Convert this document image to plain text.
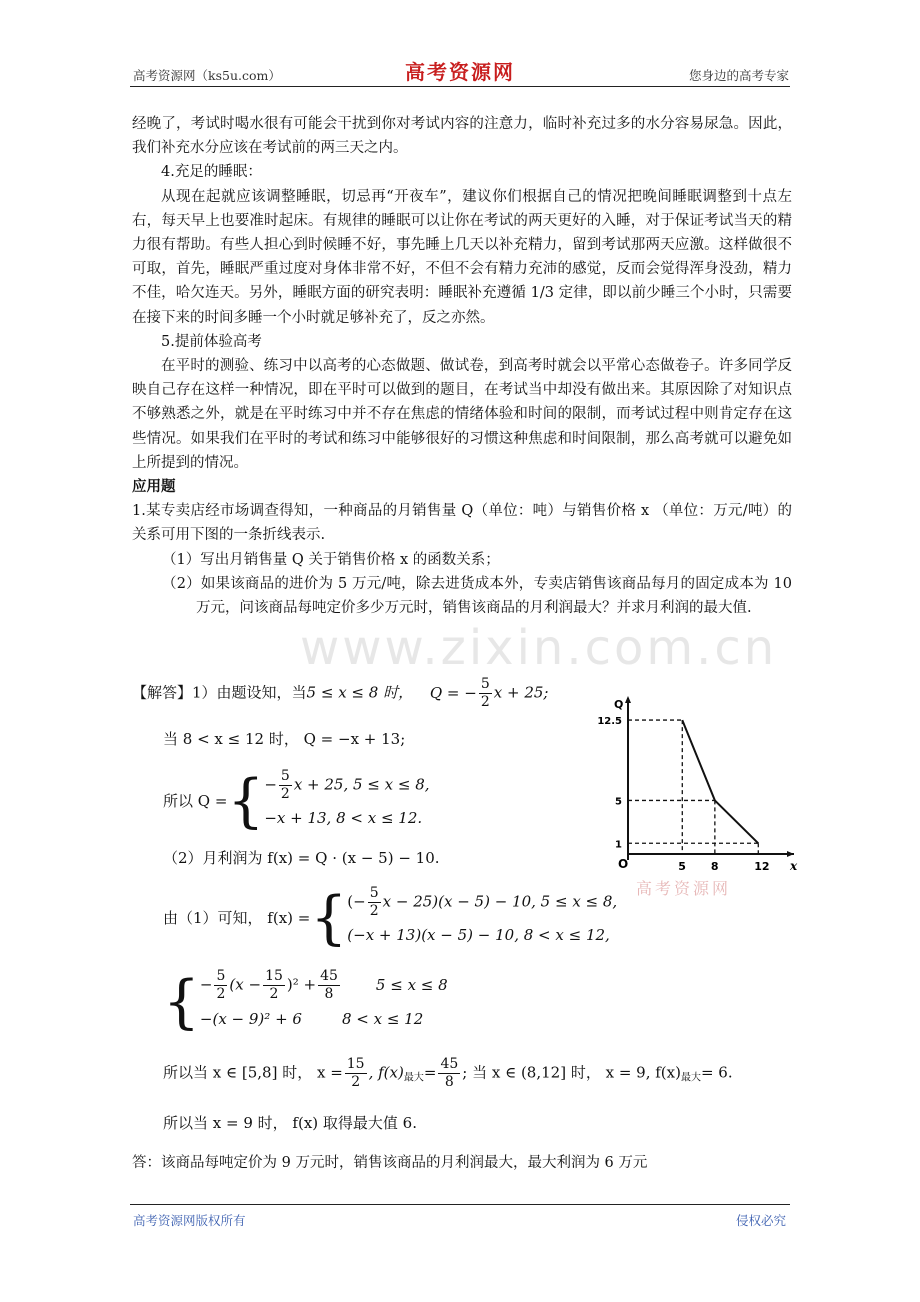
高考资源网（ks5u.com）	高考资源网	您身边的高考专家
www.zixin.com.cn

经晚了，考试时喝水很有可能会干扰到你对考试内容的注意力，临时补充过多的水分容易尿急。因此，我们补充水分应该在考试前的两三天之内。

4.充足的睡眠：

从现在起就应该调整睡眠，切忌再“开夜车”，建议你们根据自己的情况把晚间睡眠调整到十点左右，每天早上也要准时起床。有规律的睡眠可以让你在考试的两天更好的入睡，对于保证考试当天的精力很有帮助。有些人担心到时候睡不好，事先睡上几天以补充精力，留到考试那两天应激。这样做很不可取，首先，睡眠严重过度对身体非常不好，不但不会有精力充沛的感觉，反而会觉得浑身没劲，精力不佳，哈欠连天。另外，睡眠方面的研究表明：睡眠补充遵循 1/3 定律，即以前少睡三个小时，只需要在接下来的时间多睡一个小时就足够补充了，反之亦然。

5.提前体验高考

在平时的测验、练习中以高考的心态做题、做试卷，到高考时就会以平常心态做卷子。许多同学反映自己存在这样一种情况，即在平时可以做到的题目，在考试当中却没有做出来。其原因除了对知识点不够熟悉之外，就是在平时练习中并不存在焦虑的情绪体验和时间的限制，而考试过程中则肯定存在这些情况。如果我们在平时的考试和练习中能够很好的习惯这种焦虑和时间限制，那么高考就可以避免如上所提到的情况。

应用题

1.某专卖店经市场调查得知，一种商品的月销售量 Q（单位：吨）与销售价格 x （单位：万元/吨）的关系可用下图的一条折线表示.

（1）写出月销售量 Q 关于销售价格 x 的函数关系；

（2）如果该商品的进价为 5 万元/吨，除去进货成本外，专卖店销售该商品每月的固定成本为 10 万元，问该商品每吨定价多少万元时，销售该商品的月利润最大？并求月利润的最大值.

【解答】1）由题设知，当5 ≤ x ≤ 8 时， Q = − $\frac{5}{2}$ x + 25;
当 8 < x ≤ 12 时， Q = −x + 13;
所以 Q ={ − $\frac{5}{2}$ x + 25, 5 ≤ x ≤ 8,
−x + 13, 8 < x ≤ 12.
（2）月利润为 f(x) = Q · (x − 5) − 10.
由（1）可知， f(x) ={ (− $\frac{5}{2}$ x − 25)(x − 5) − 10, 5 ≤ x ≤ 8,
(−x + 13)(x − 5) − 10, 8 < x ≤ 12,
{ − $\frac{5}{2} (x - \frac{15}{2} )^2 + \frac{45}{8} 5 \le x \le 8$
−(x − 9)² + 6	8 < x ≤ 12
所以当 x ∈ [5,8] 时， $x = \frac{15}{2}$ , $f(x)_{最大}= \frac{45}{8}$ ; 当 x ∈ (8,12] 时， x = 9, $f(x)_{最大}= 6$.
所以当 x = 9 时， f(x) 取得最大值 6.
答：该商品每吨定价为 9 万元时，销售该商品的月利润最大，最大利润为 6 万元
5 8	12
12.5
5
1
O
Q
x
高考资源网
高考资源网版权所有	侵权必究
